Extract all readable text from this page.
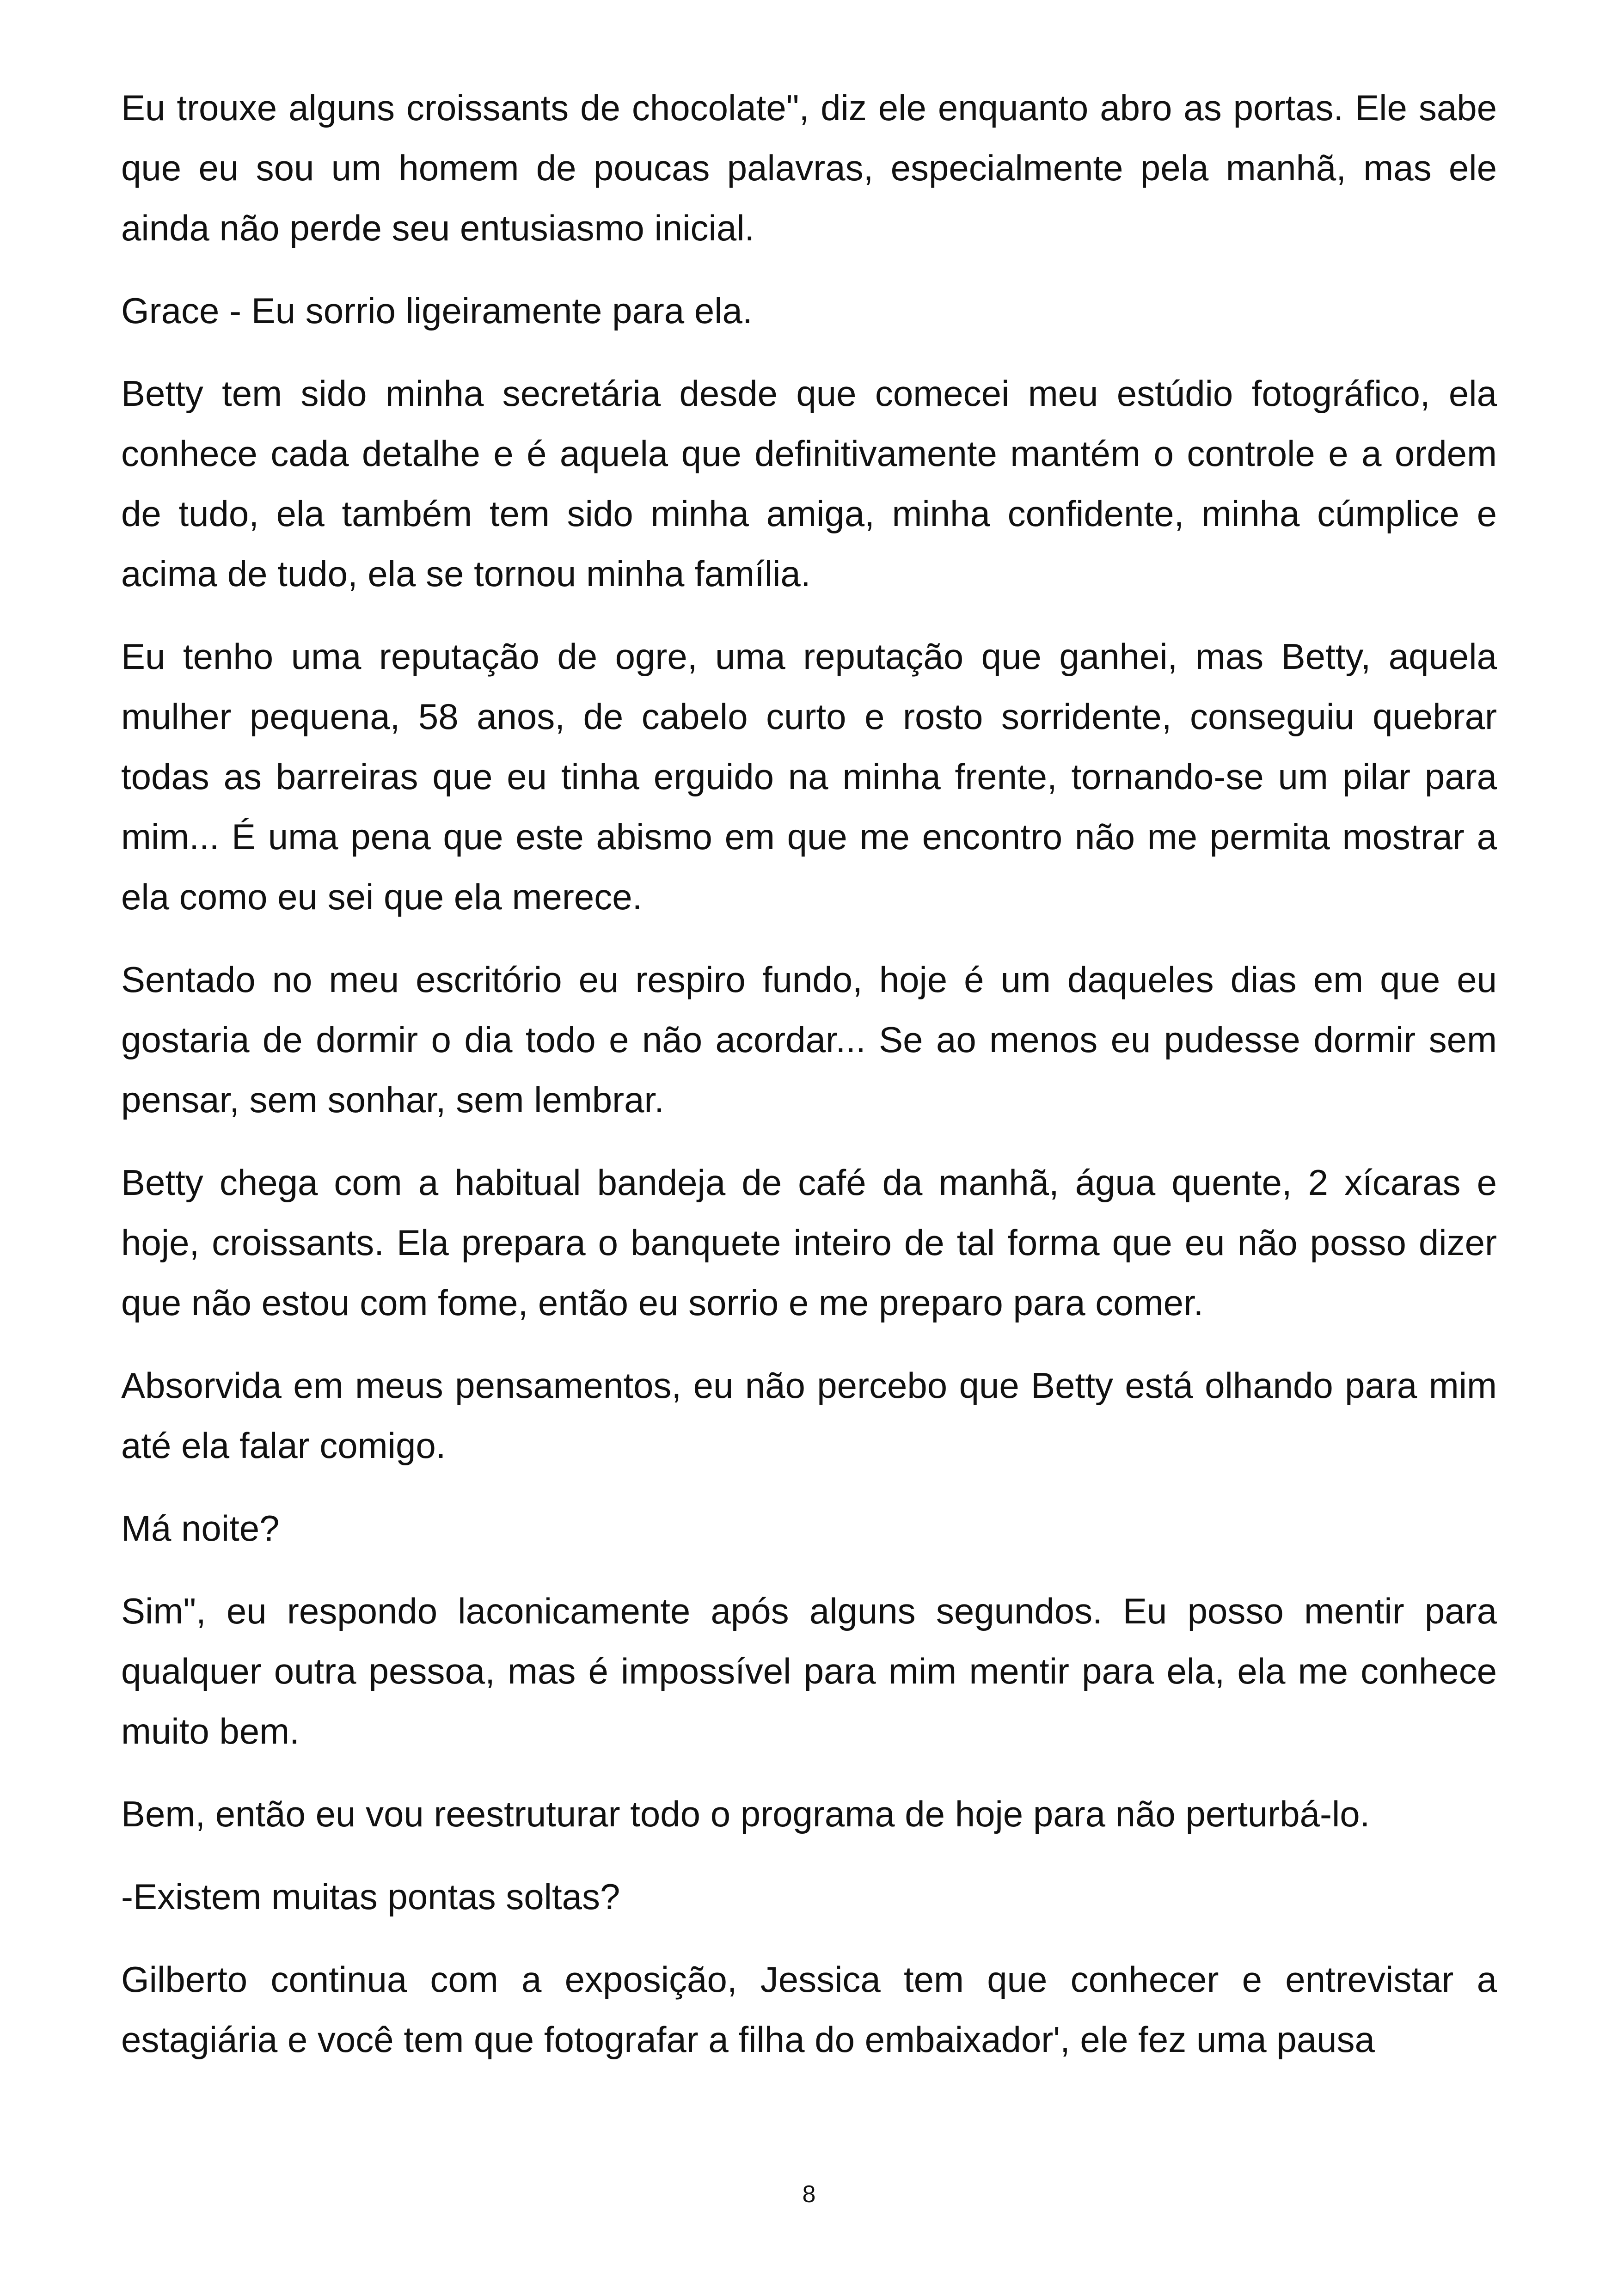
Eu trouxe alguns croissants de chocolate", diz ele enquanto abro as portas. Ele sabe que eu sou um homem de poucas palavras, especialmente pela manhã, mas ele ainda não perde seu entusiasmo inicial.

Grace - Eu sorrio ligeiramente para ela.

Betty tem sido minha secretária desde que comecei meu estúdio fotográfico, ela conhece cada detalhe e é aquela que definitivamente mantém o controle e a ordem de tudo, ela também tem sido minha amiga, minha confidente, minha cúmplice e acima de tudo, ela se tornou minha família.

Eu tenho uma reputação de ogre, uma reputação que ganhei, mas Betty, aquela mulher pequena, 58 anos, de cabelo curto e rosto sorridente, conseguiu quebrar todas as barreiras que eu tinha erguido na minha frente, tornando-se um pilar para mim... É uma pena que este abismo em que me encontro não me permita mostrar a ela como eu sei que ela merece.

Sentado no meu escritório eu respiro fundo, hoje é um daqueles dias em que eu gostaria de dormir o dia todo e não acordar... Se ao menos eu pudesse dormir sem pensar, sem sonhar, sem lembrar.

Betty chega com a habitual bandeja de café da manhã, água quente, 2 xícaras e hoje, croissants. Ela prepara o banquete inteiro de tal forma que eu não posso dizer que não estou com fome, então eu sorrio e me preparo para comer.

Absorvida em meus pensamentos, eu não percebo que Betty está olhando para mim até ela falar comigo.

Má noite?

Sim", eu respondo laconicamente após alguns segundos. Eu posso mentir para qualquer outra pessoa, mas é impossível para mim mentir para ela, ela me conhece muito bem.

Bem, então eu vou reestruturar todo o programa de hoje para não perturbá-lo.

-Existem muitas pontas soltas?

Gilberto continua com a exposição, Jessica tem que conhecer e entrevistar a estagiária e você tem que fotografar a filha do embaixador', ele fez uma pausa

8
